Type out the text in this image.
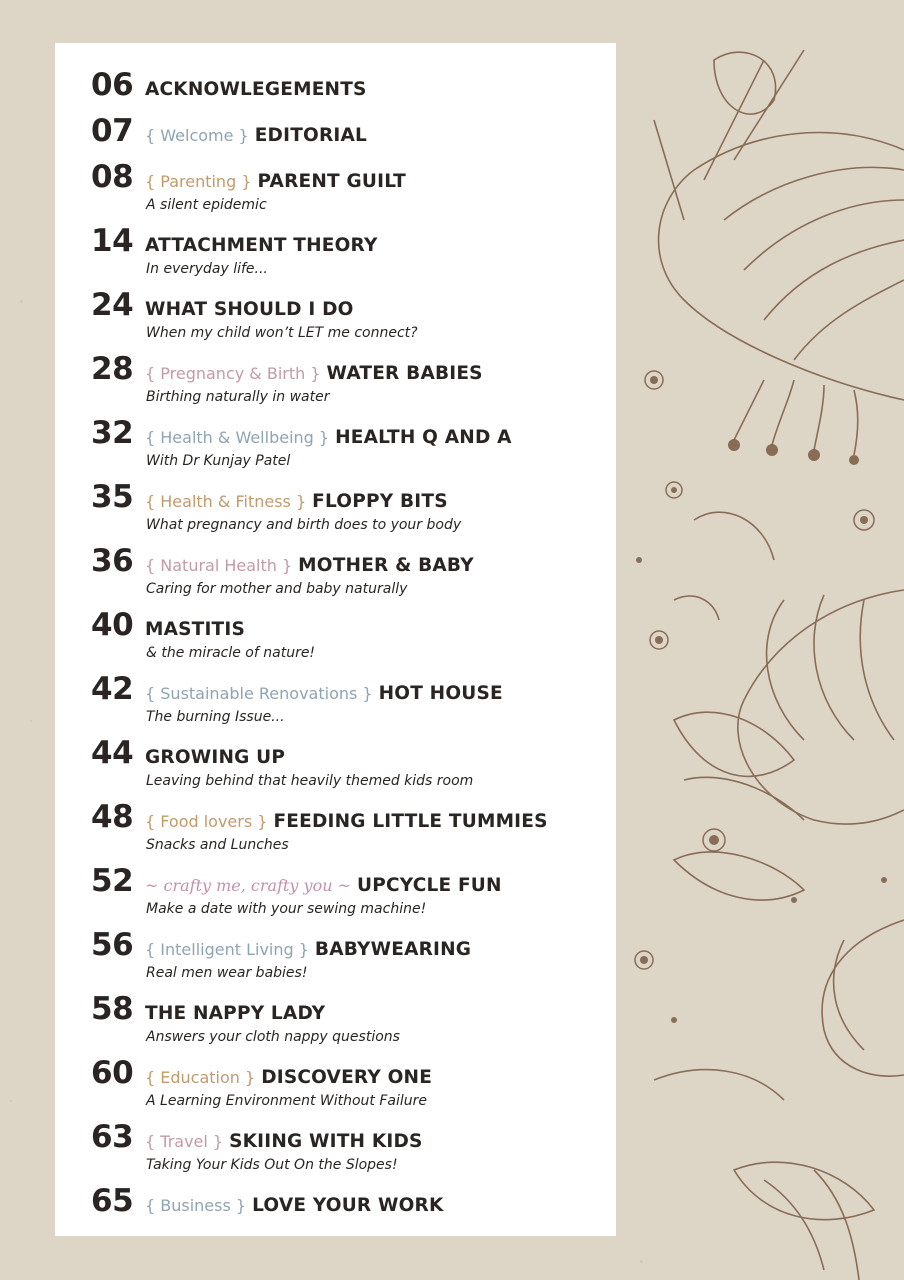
06 ACKNOWLEGEMENTS
07 { Welcome } EDITORIAL
08 { Parenting } PARENT GUILT
A silent epidemic
14 ATTACHMENT THEORY
In everyday life...
24 WHAT SHOULD I DO
When my child won’t LET me connect?
28 { Pregnancy & Birth } WATER BABIES
Birthing naturally in water
32 { Health & Wellbeing } HEALTH Q AND A
With Dr Kunjay Patel
35 { Health & Fitness } FLOPPY BITS
What pregnancy and birth does to your body
36 { Natural Health } MOTHER & BABY
Caring for mother and baby naturally
40 MASTITIS
& the miracle of nature!
42 { Sustainable Renovations } HOT HOUSE
The burning Issue...
44 GROWING UP
Leaving behind that heavily themed kids room
48 { Food lovers } FEEDING LITTLE TUMMIES
Snacks and Lunches
52 ~ crafty me, crafty you ~ UPCYCLE FUN
Make a date with your sewing machine!
56 { Intelligent Living } BABYWEARING
Real men wear babies!
58 THE NAPPY LADY
Answers your cloth nappy questions
60 { Education } DISCOVERY ONE
A Learning Environment Without Failure
63 { Travel } SKIING WITH KIDS
Taking Your Kids Out On the Slopes!
65 { Business } LOVE YOUR WORK
